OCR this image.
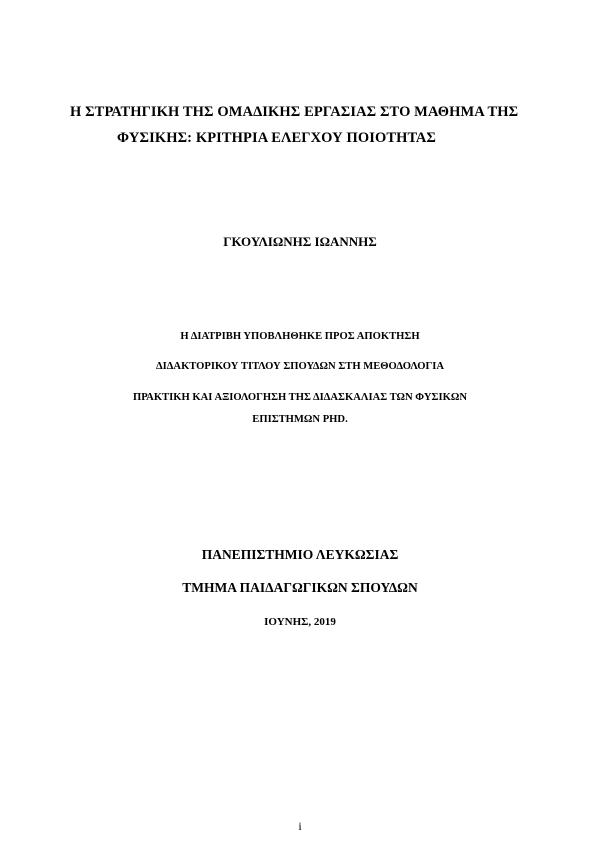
Η ΣΤΡΑΤΗΓΙΚΗ ΤΗΣ ΟΜΑΔΙΚΗΣ ΕΡΓΑΣΙΑΣ ΣΤΟ ΜΑΘΗΜΑ ΤΗΣ
ΦΥΣΙΚΗΣ: ΚΡΙΤΗΡΙΑ ΕΛΕΓΧΟΥ ΠΟΙΟΤΗΤΑΣ
ΓΚΟΥΛΙΩΝΗΣ ΙΩΑΝΝΗΣ
Η ΔΙΑΤΡΙΒΗ ΥΠΟΒΛΗΘΗΚΕ ΠΡΟΣ ΑΠΟΚΤΗΣΗ
ΔΙΔΑΚΤΟΡΙΚΟΥ ΤΙΤΛΟΥ ΣΠΟΥΔΩΝ ΣΤΗ ΜΕΘΟΔΟΛΟΓΙΑ
ΠΡΑΚΤΙΚΗ ΚΑΙ ΑΞΙΟΛΟΓΗΣΗ ΤΗΣ ΔΙΔΑΣΚΑΛΙΑΣ ΤΩΝ ΦΥΣΙΚΩΝ
ΕΠΙΣΤΗΜΩΝ PHD.
ΠΑΝΕΠΙΣΤΗΜΙΟ ΛΕΥΚΩΣΙΑΣ
ΤΜΗΜΑ ΠΑΙΔΑΓΩΓΙΚΩΝ ΣΠΟΥΔΩΝ
ΙΟΥΝΗΣ, 2019
i
